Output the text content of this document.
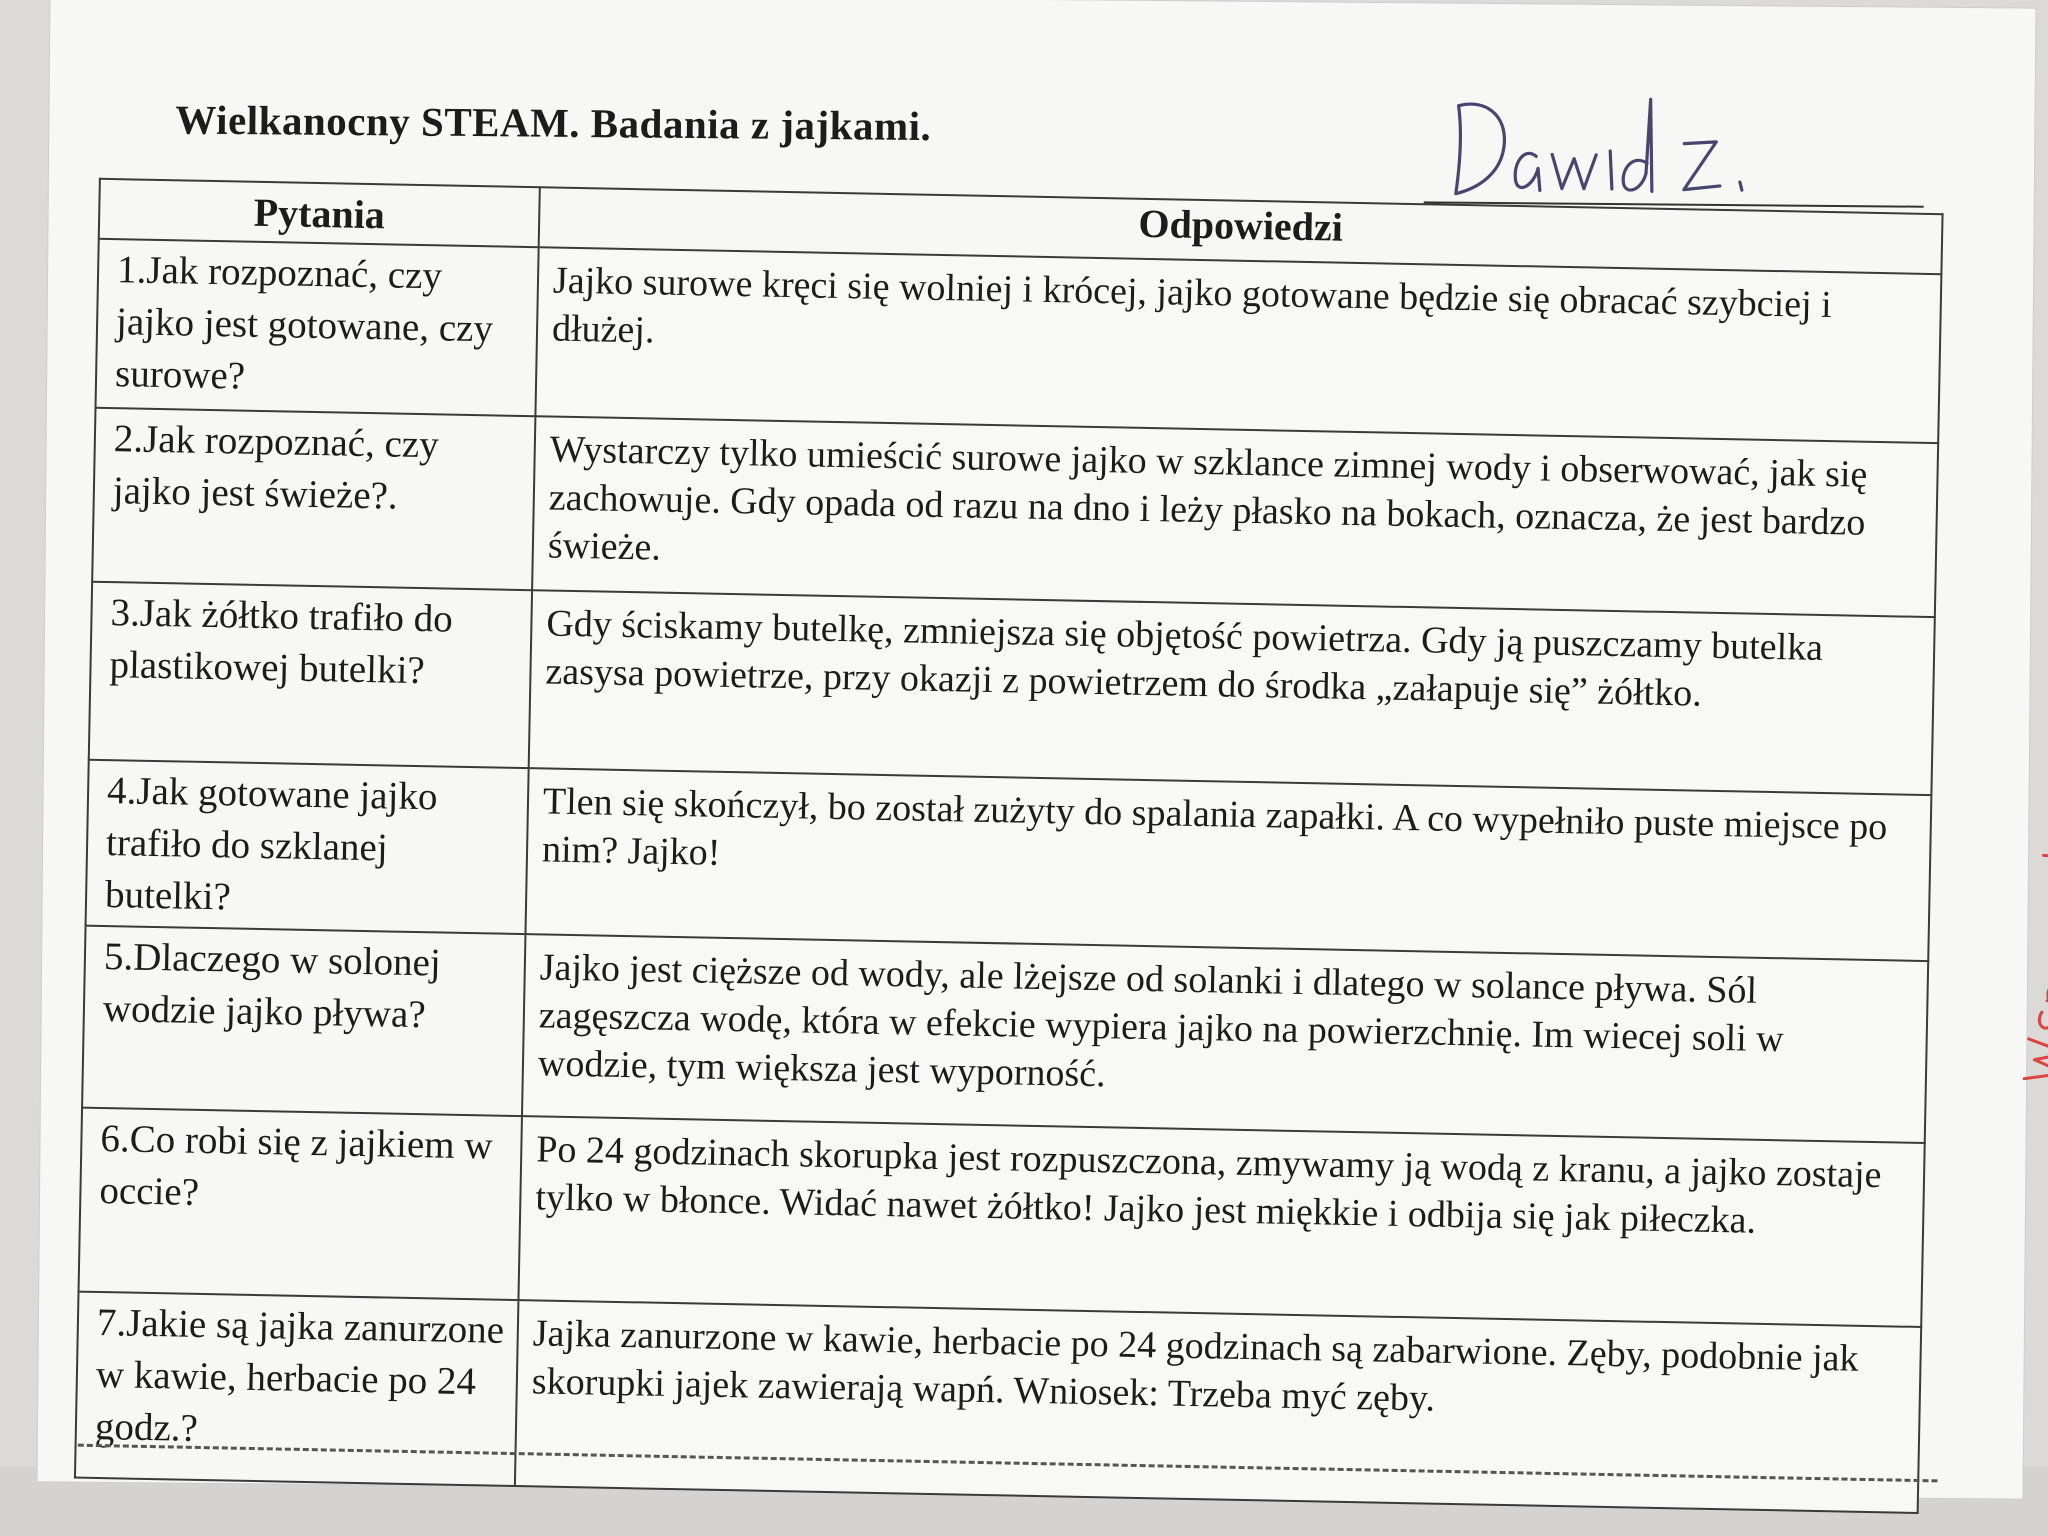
Wielkanocny STEAM. Badania z jajkami.
Pytania	Odpowiedzi
1.Jak rozpoznać, czy jajko jest gotowane, czy surowe?	Jajko surowe kręci się wolniej i krócej, jajko gotowane będzie się obracać szybciej i dłużej.
2.Jak rozpoznać, czy jajko jest świeże?.	Wystarczy tylko umieścić surowe jajko w szklance zimnej wody i obserwować, jak się zachowuje. Gdy opada od razu na dno i leży płasko na bokach, oznacza, że jest bardzo świeże.
3.Jak żółtko trafiło do plastikowej butelki?	Gdy ściskamy butelkę, zmniejsza się objętość powietrza. Gdy ją puszczamy butelka zasysa powietrze, przy okazji z powietrzem do środka „załapuje się” żółtko.
4.Jak gotowane jajko trafiło do szklanej butelki?	Tlen się skończył, bo został zużyty do spalania zapałki. A co wypełniło puste miejsce po nim? Jajko!
5.Dlaczego w solonej wodzie jajko pływa?	Jajko jest cięższe od wody, ale lżejsze od solanki i dlatego w solance pływa. Sól zagęszcza wodę, która w efekcie wypiera jajko na powierzchnię. Im wiecej soli w wodzie, tym większa jest wyporność.
6.Co robi się z jajkiem w occie?	Po 24 godzinach skorupka jest rozpuszczona, zmywamy ją wodą z kranu, a jajko zostaje tylko w błonce. Widać nawet żółtko! Jajko jest miękkie i odbija się jak piłeczka.
7.Jakie są jajka zanurzone w kawie, herbacie po 24 godz.?	Jajka zanurzone w kawie, herbacie po 24 godzinach są zabarwione. Zęby, podobnie jak skorupki jajek zawierają wapń. Wniosek: Trzeba myć zęby.
